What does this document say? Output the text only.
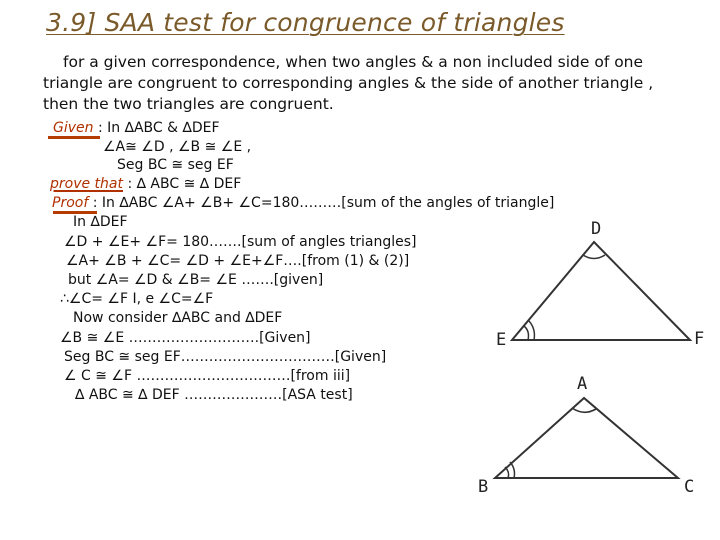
3.9] SAA test for congruence of triangles
for a given correspondence, when two angles & a non included side of one triangle are congruent to corresponding angles & the side of another triangle , then the two triangles are congruent.
Given : In ∆ABC & ∆DEF
∠A≅ ∠D , ∠B ≅ ∠E ,
Seg BC ≅ seg EF
prove that : ∆ ABC ≅ ∆ DEF
Proof : In ∆ABC ∠A+ ∠B+ ∠C=180………[sum of the angles of triangle]
In ∆DEF
∠D + ∠E+ ∠F= 180…….[sum of angles triangles]
∠A+ ∠B + ∠C= ∠D + ∠E+∠F….[from (1) & (2)]
but ∠A= ∠D & ∠B= ∠E …….[given]
∴∠C= ∠F I, e ∠C=∠F
Now consider ∆ABC and ∆DEF
∠B ≅ ∠E ……………………….[Given]
Seg BC ≅ seg EF……………………………[Given]
∠ C ≅ ∠F ……………………………[from iii]
∆ ABC ≅ ∆ DEF …………………[ASA test]
D
E	F
A
B	C
